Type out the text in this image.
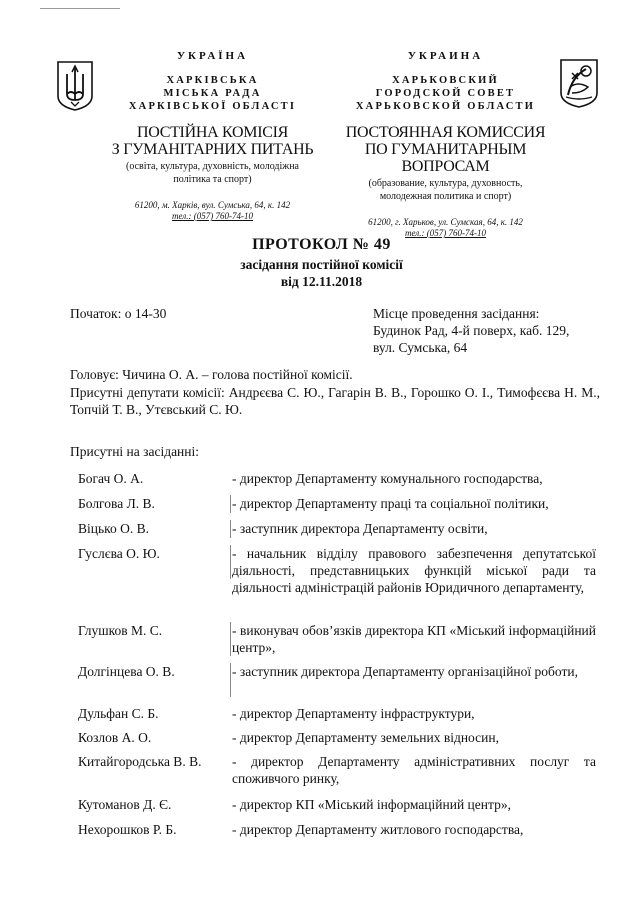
УКРАЇНА
ХАРКІВСЬКА
МІСЬКА РАДА
ХАРКІВСЬКОЇ ОБЛАСТІ
ПОСТІЙНА КОМІСІЯ
З ГУМАНІТАРНИХ ПИТАНЬ
(освіта, культура, духовність, молодіжна
політика та спорт)
61200, м. Харків, вул. Сумська, 64, к. 142
тел.: (057) 760-74-10
УКРАИНА
ХАРЬКОВСКИЙ
ГОРОДСКОЙ СОВЕТ
ХАРЬКОВСКОЙ ОБЛАСТИ
ПОСТОЯННАЯ КОМИССИЯ
ПО ГУМАНИТАРНЫМ ВОПРОСАМ
(образование, культура, духовность,
молодежная политика и спорт)
61200, г. Харьков, ул. Сумская, 64, к. 142
тел.: (057) 760-74-10
ПРОТОКОЛ № 49
засідання постійної комісії
від 12.11.2018
Початок: о 14-30	Місце проведення засідання:
Будинок Рад, 4-й поверх, каб. 129,
вул. Сумська, 64
Головує: Чичина О. А. – голова постійної комісії.
Присутні депутати комісії: Андрєєва С. Ю., Гагарін В. В., Горошко О. І., Тимофєєва Н. М., Топчій Т. В., Утєвський С. Ю.
Присутні на засіданні:
Богач О. А.	- директор Департаменту комунального господарства,
Болгова Л. В.	- директор Департаменту праці та соціальної політики,
Віцько О. В.	- заступник директора Департаменту освіти,
Гуслєва О. Ю.	- начальник відділу правового забезпечення депутатської діяльності, представницьких функцій міської ради та діяльності адміністрацій районів Юридичного департаменту,
Глушков М. С.	- виконувач обов’язків директора КП «Міський інформаційний центр»,
Долгінцева О. В.	- заступник директора Департаменту організаційної роботи,
Дульфан С. Б.	- директор Департаменту інфраструктури,
Козлов А. О.	- директор Департаменту земельних відносин,
Китайгородська В. В.	- директор Департаменту адміністративних послуг та споживчого ринку,
Кутоманов Д. Є.	- директор КП «Міський інформаційний центр»,
Нехорошков Р. Б.	- директор Департаменту житлового господарства,
